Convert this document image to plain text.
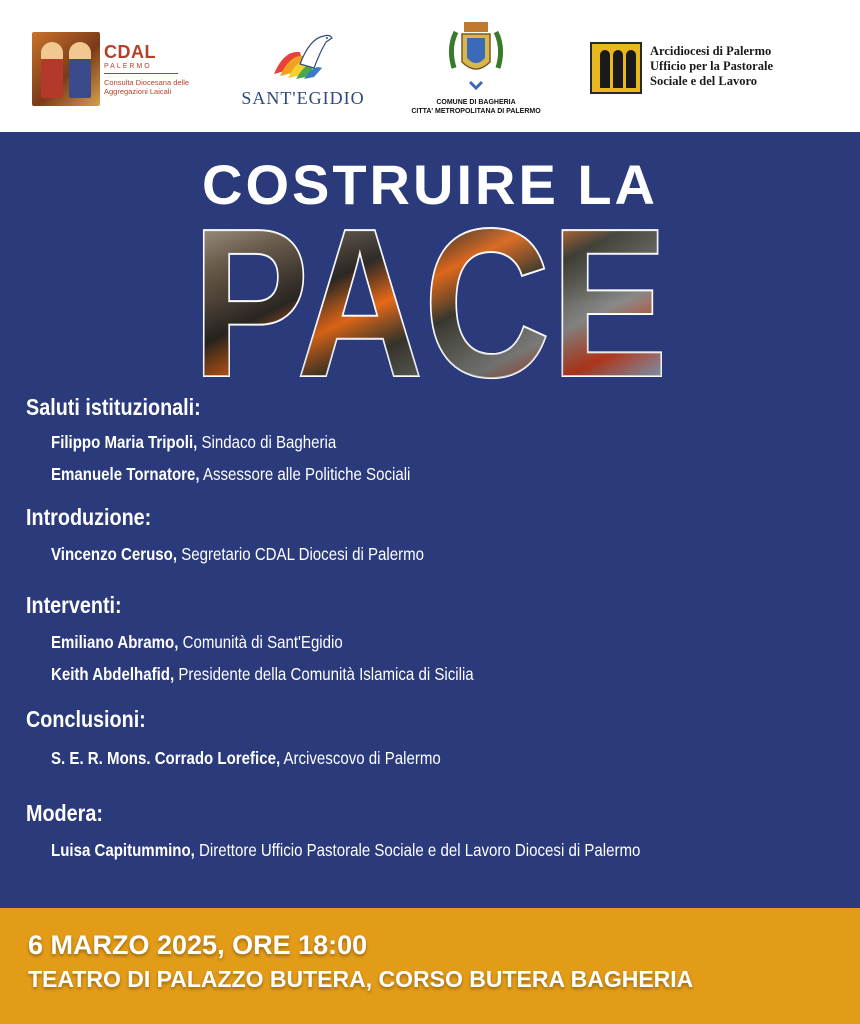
CDAL
PALERMO
Consulta Diocesana delle Aggregazioni Laicali	SANT'EGIDIO	COMUNE DI BAGHERIA
CITTA' METROPOLITANA DI PALERMO
Arcidiocesi di Palermo
Ufficio per la Pastorale
Sociale e del Lavoro
COSTRUIRE LA
PACE
PACE
Saluti istituzionali:
Filippo Maria Tripoli, Sindaco di Bagheria
Emanuele Tornatore, Assessore alle Politiche Sociali
Introduzione:
Vincenzo Ceruso, Segretario CDAL Diocesi di Palermo
Interventi:
Emiliano Abramo, Comunità di Sant'Egidio
Keith Abdelhafid, Presidente della Comunità Islamica di Sicilia
Conclusioni:
S. E. R. Mons. Corrado Lorefice, Arcivescovo di Palermo
Modera:
Luisa Capitummino, Direttore Ufficio Pastorale Sociale e del Lavoro Diocesi di Palermo
6 MARZO 2025, ORE 18:00
TEATRO DI PALAZZO BUTERA, CORSO BUTERA BAGHERIA
